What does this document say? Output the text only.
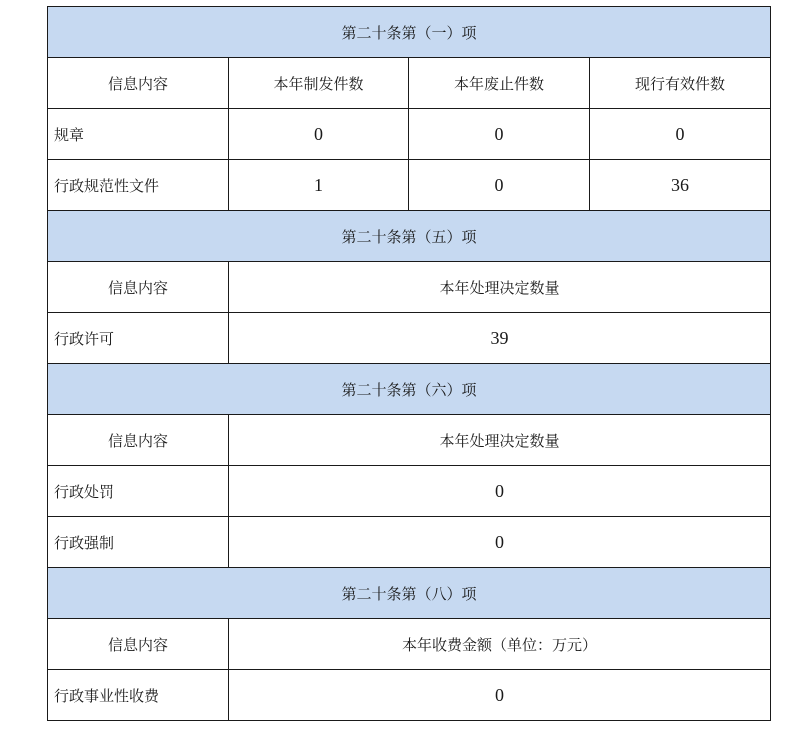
第二十条第（一）项			
信息内容	本年制发件数	本年废止件数	现行有效件数
规章	0	0	0
行政规范性文件	1	0	36
第二十条第（五）项			
信息内容	本年处理决定数量		
行政许可	39		
第二十条第（六）项			
信息内容	本年处理决定数量		
行政处罚	0		
行政强制	0		
第二十条第（八）项			
信息内容	本年收费金额（单位：万元）		
行政事业性收费	0		
